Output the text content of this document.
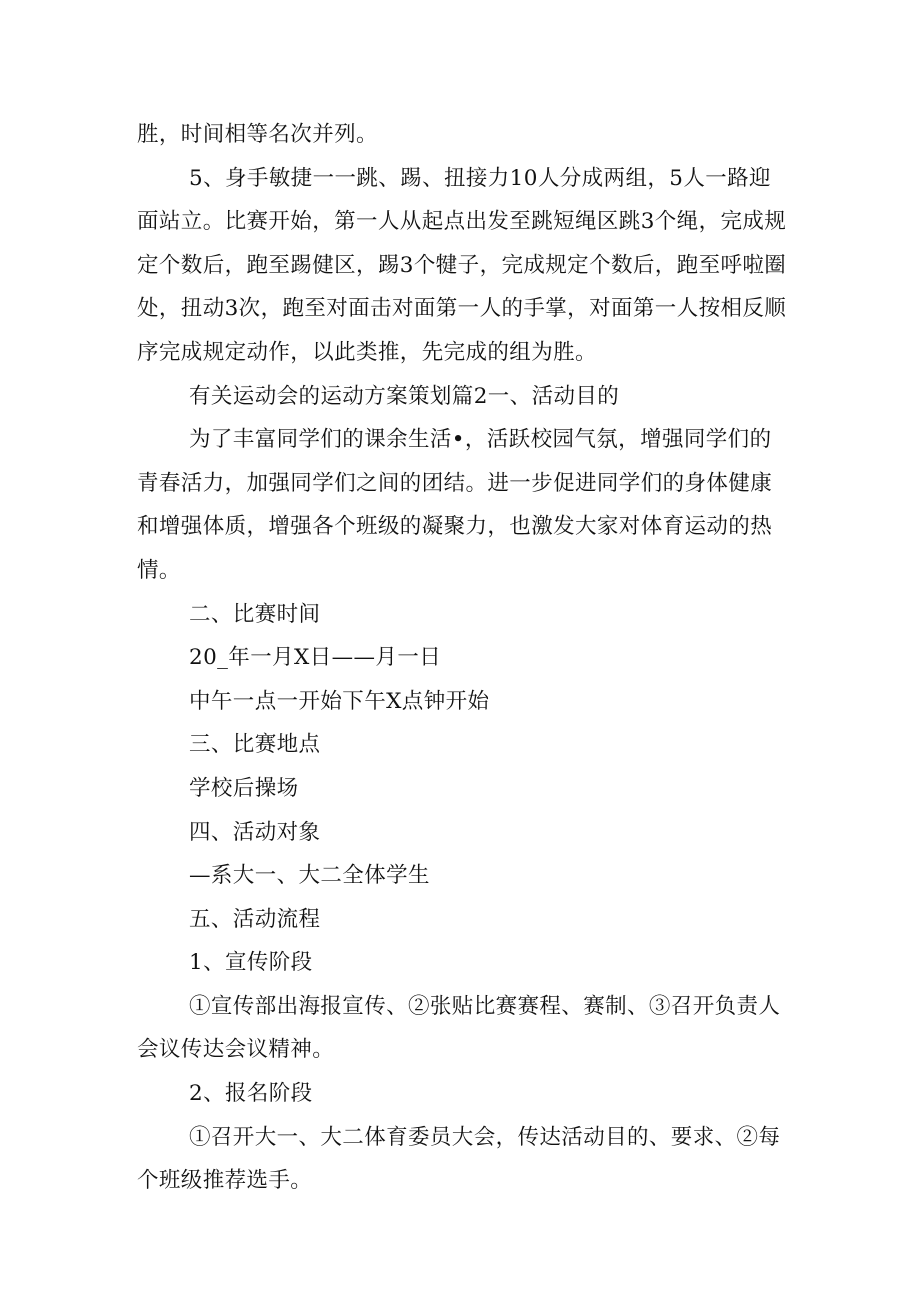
胜，时间相等名次并列。

5、身手敏捷一一跳、踢、扭接力10人分成两组，5人一路迎面站立。比赛开始，第一人从起点出发至跳短绳区跳3个绳，完成规定个数后，跑至踢健区，踢3个犍子，完成规定个数后，跑至呼啦圈处，扭动3次，跑至对面击对面第一人的手掌，对面第一人按相反顺序完成规定动作，以此类推，先完成的组为胜。

有关运动会的运动方案策划篇2一、活动目的

为了丰富同学们的课余生活•，活跃校园气氛，增强同学们的青春活力，加强同学们之间的团结。进一步促进同学们的身体健康和增强体质，增强各个班级的凝聚力，也激发大家对体育运动的热情。

二、比赛时间

20_年一月X日——月一日

中午一点一开始下午X点钟开始

三、比赛地点

学校后操场

四、活动对象

—系大一、大二全体学生

五、活动流程

1、宣传阶段

①宣传部出海报宣传、②张贴比赛赛程、赛制、③召开负责人会议传达会议精神。

2、报名阶段

①召开大一、大二体育委员大会，传达活动目的、要求、②每个班级推荐选手。
